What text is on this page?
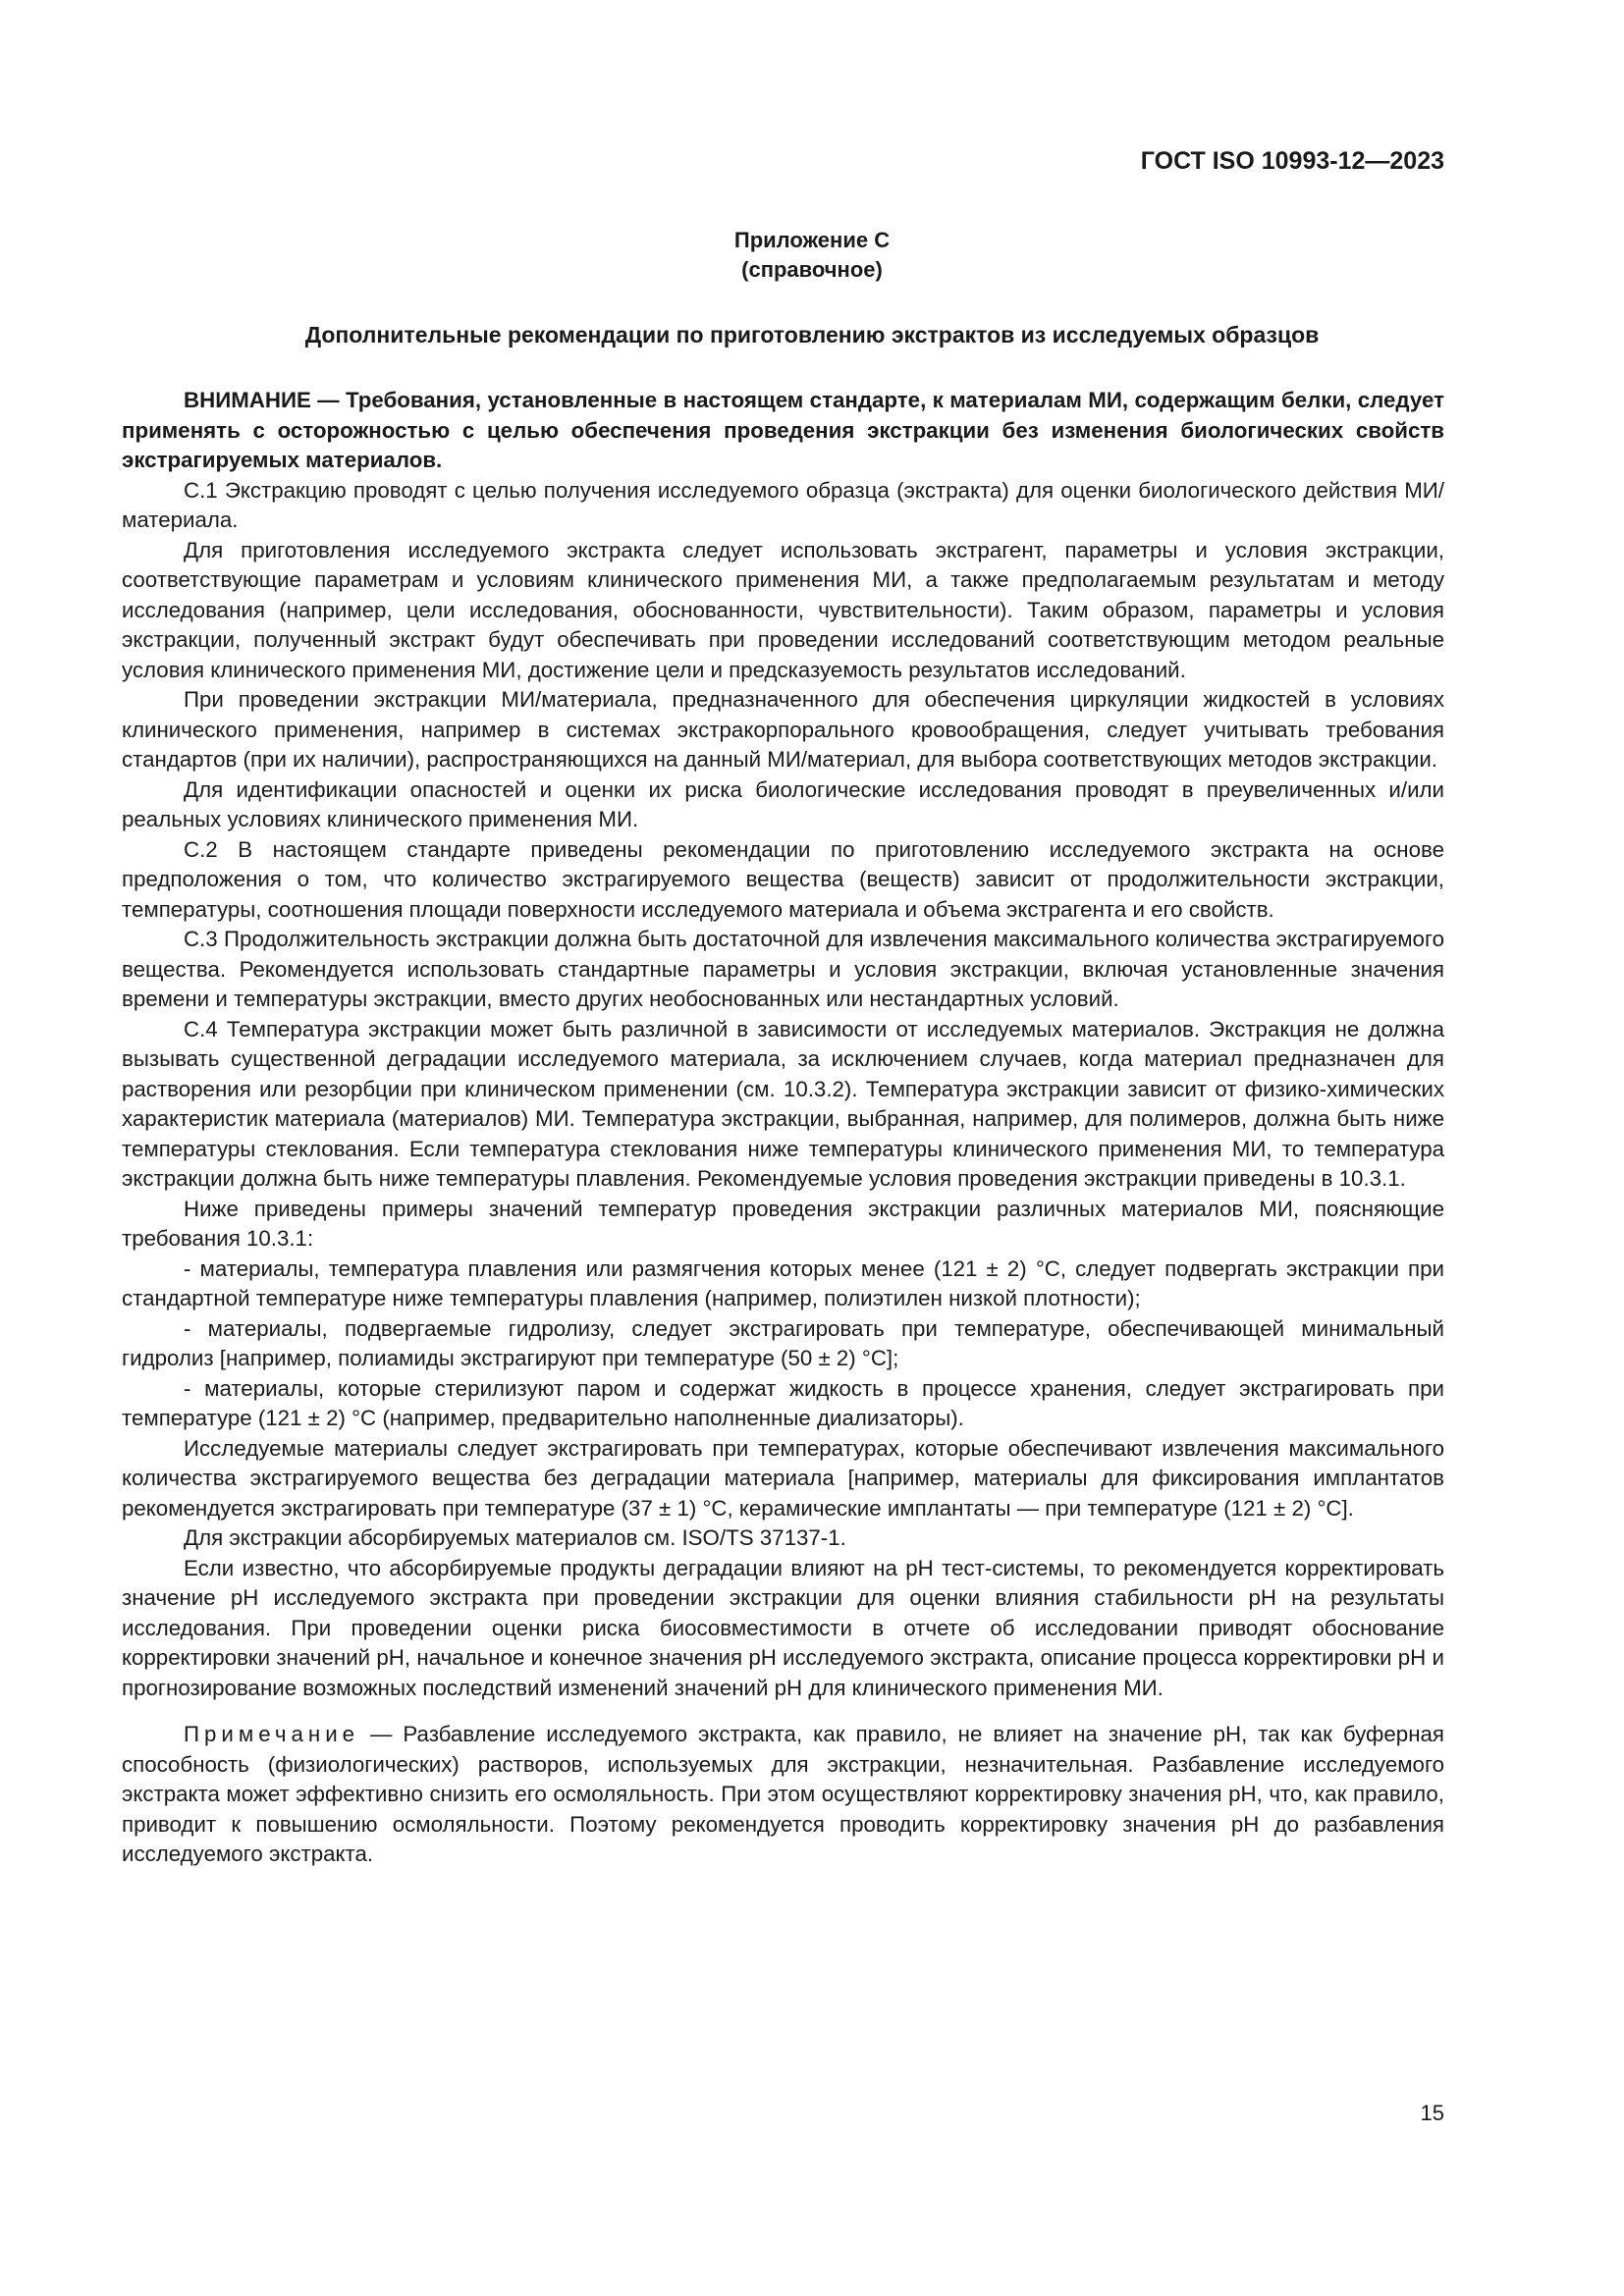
ГОСТ ISO 10993-12—2023
Приложение С
(справочное)
Дополнительные рекомендации по приготовлению экстрактов из исследуемых образцов

ВНИМАНИЕ — Требования, установленные в настоящем стандарте, к материалам МИ, содержащим белки, следует применять с осторожностью с целью обеспечения проведения экстракции без изменения биологических свойств экстрагируемых материалов.

С.1 Экстракцию проводят с целью получения исследуемого образца (экстракта) для оценки биологического действия МИ/материала.

Для приготовления исследуемого экстракта следует использовать экстрагент, параметры и условия экстракции, соответствующие параметрам и условиям клинического применения МИ, а также предполагаемым результатам и методу исследования (например, цели исследования, обоснованности, чувствительности). Таким образом, параметры и условия экстракции, полученный экстракт будут обеспечивать при проведении исследований соответствующим методом реальные условия клинического применения МИ, достижение цели и предсказуемость результатов исследований.

При проведении экстракции МИ/материала, предназначенного для обеспечения циркуляции жидкостей в условиях клинического применения, например в системах экстракорпорального кровообращения, следует учитывать требования стандартов (при их наличии), распространяющихся на данный МИ/материал, для выбора соответствующих методов экстракции.

Для идентификации опасностей и оценки их риска биологические исследования проводят в преувеличенных и/или реальных условиях клинического применения МИ.

С.2 В настоящем стандарте приведены рекомендации по приготовлению исследуемого экстракта на основе предположения о том, что количество экстрагируемого вещества (веществ) зависит от продолжительности экстракции, температуры, соотношения площади поверхности исследуемого материала и объема экстрагента и его свойств.

С.3 Продолжительность экстракции должна быть достаточной для извлечения максимального количества экстрагируемого вещества. Рекомендуется использовать стандартные параметры и условия экстракции, включая установленные значения времени и температуры экстракции, вместо других необоснованных или нестандартных условий.

С.4 Температура экстракции может быть различной в зависимости от исследуемых материалов. Экстракция не должна вызывать существенной деградации исследуемого материала, за исключением случаев, когда материал предназначен для растворения или резорбции при клиническом применении (см. 10.3.2). Температура экстракции зависит от физико-химических характеристик материала (материалов) МИ. Температура экстракции, выбранная, например, для полимеров, должна быть ниже температуры стеклования. Если температура стеклования ниже температуры клинического применения МИ, то температура экстракции должна быть ниже температуры плавления. Рекомендуемые условия проведения экстракции приведены в 10.3.1.

Ниже приведены примеры значений температур проведения экстракции различных материалов МИ, поясняющие требования 10.3.1:

- материалы, температура плавления или размягчения которых менее (121 ± 2) °С, следует подвергать экстракции при стандартной температуре ниже температуры плавления (например, полиэтилен низкой плотности);

- материалы, подвергаемые гидролизу, следует экстрагировать при температуре, обеспечивающей минимальный гидролиз [например, полиамиды экстрагируют при температуре (50 ± 2) °С];

- материалы, которые стерилизуют паром и содержат жидкость в процессе хранения, следует экстрагировать при температуре (121 ± 2) °С (например, предварительно наполненные диализаторы).

Исследуемые материалы следует экстрагировать при температурах, которые обеспечивают извлечения максимального количества экстрагируемого вещества без деградации материала [например, материалы для фиксирования имплантатов рекомендуется экстрагировать при температуре (37 ± 1) °С, керамические имплантаты — при температуре (121 ± 2) °С].

Для экстракции абсорбируемых материалов см. ISO/TS 37137-1.

Если известно, что абсорбируемые продукты деградации влияют на рН тест-системы, то рекомендуется корректировать значение рН исследуемого экстракта при проведении экстракции для оценки влияния стабильности рН на результаты исследования. При проведении оценки риска биосовместимости в отчете об исследовании приводят обоснование корректировки значений рН, начальное и конечное значения рН исследуемого экстракта, описание процесса корректировки рН и прогнозирование возможных последствий изменений значений рН для клинического применения МИ.

Примечание — Разбавление исследуемого экстракта, как правило, не влияет на значение рН, так как буферная способность (физиологических) растворов, используемых для экстракции, незначительная. Разбавление исследуемого экстракта может эффективно снизить его осмоляльность. При этом осуществляют корректировку значения рН, что, как правило, приводит к повышению осмоляльности. Поэтому рекомендуется проводить корректировку значения рН до разбавления исследуемого экстракта.

15
